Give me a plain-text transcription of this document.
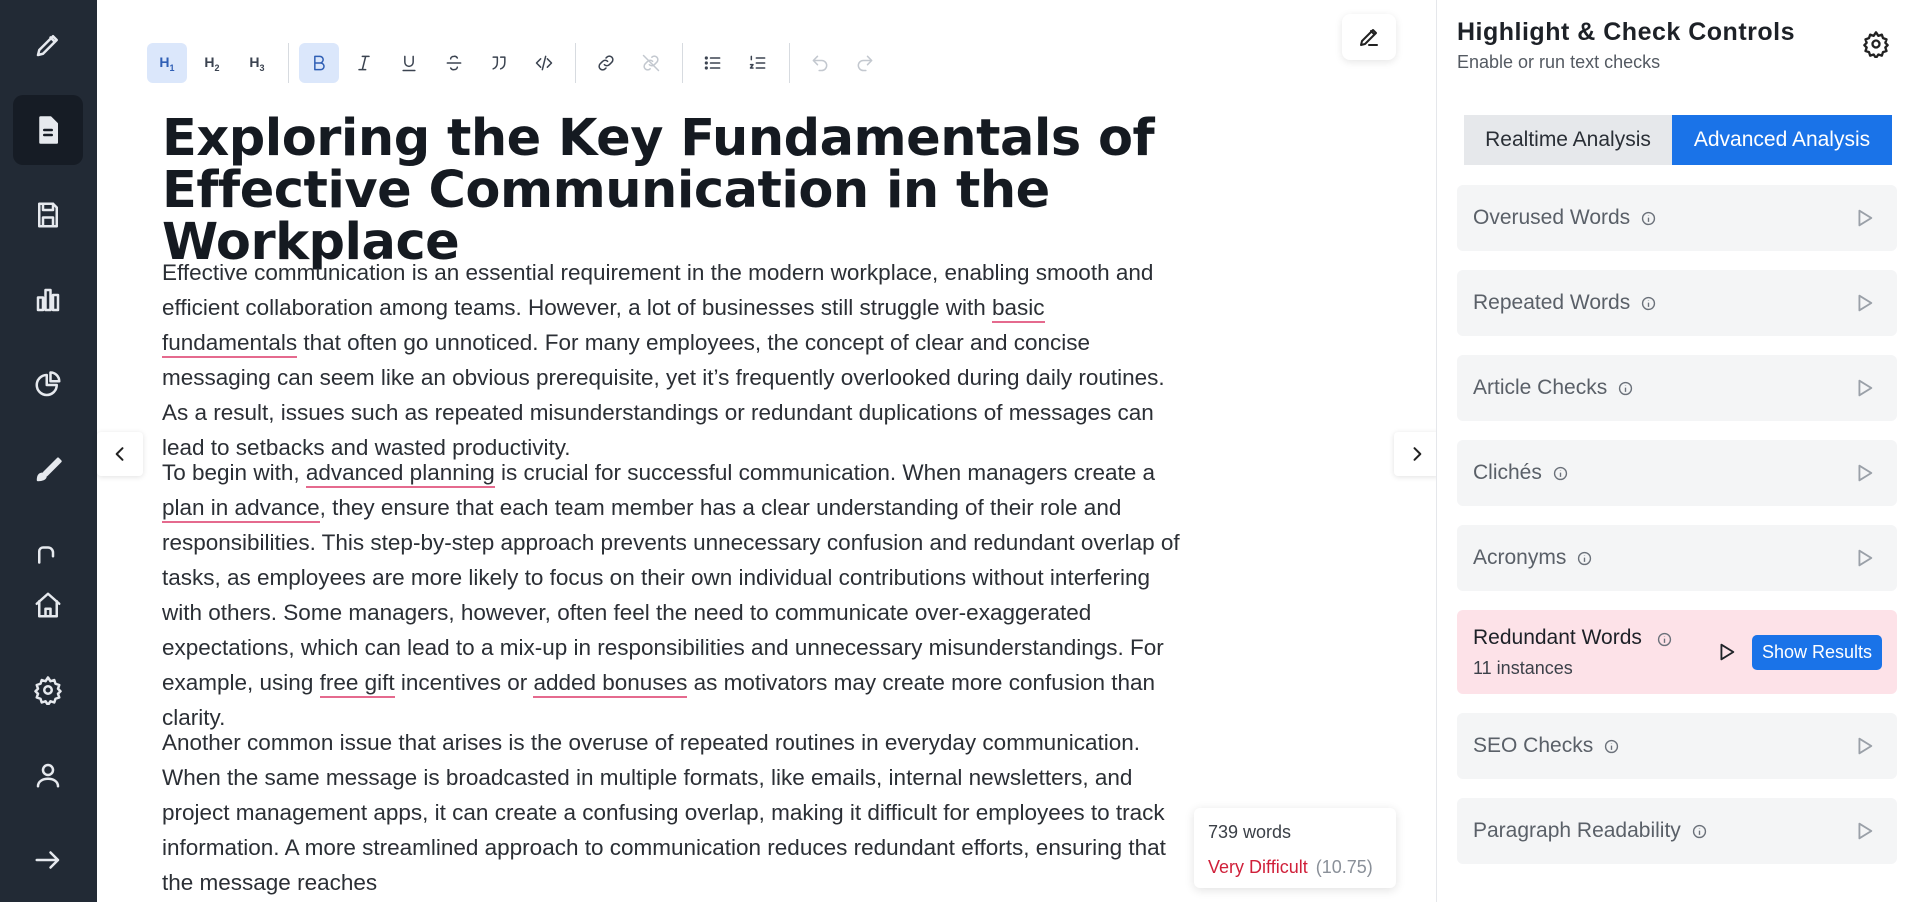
$H_1$ $H_2$ $H_3$
Exploring the Key Fundamentals of Effective Communication in the Workplace

Effective communication is an essential requirement in the modern workplace, enabling smooth and efficient collaboration among teams. However, a lot of businesses still struggle with basic fundamentals that often go unnoticed. For many employees, the concept of clear and concise messaging can seem like an obvious prerequisite, yet it’s frequently overlooked during daily routines. As a result, issues such as repeated misunderstandings or redundant duplications of messages can lead to setbacks and wasted productivity.

To begin with, advanced planning is crucial for successful communication. When managers create a plan in advance, they ensure that each team member has a clear understanding of their role and responsibilities. This step-by-step approach prevents unnecessary confusion and redundant overlap of tasks, as employees are more likely to focus on their own individual contributions without interfering with others. Some managers, however, often feel the need to communicate over-exaggerated expectations, which can lead to a mix-up in responsibilities and unnecessary misunderstandings. For example, using free gift incentives or added bonuses as motivators may create more confusion than clarity.

Another common issue that arises is the overuse of repeated routines in everyday communication. When the same message is broadcasted in multiple formats, like emails, internal newsletters, and project management apps, it can create a confusing overlap, making it difficult for employees to track information. A more streamlined approach to communication reduces redundant efforts, ensuring that the message reaches

739 words
Very Difficult (10.75)
Highlight & Check Controls
Enable or run text checks
Realtime Analysis	Advanced Analysis
Overused Words
Repeated Words
Article Checks
Clichés
Acronyms
Redundant Words
11 instances
Show Results
SEO Checks
Paragraph Readability
